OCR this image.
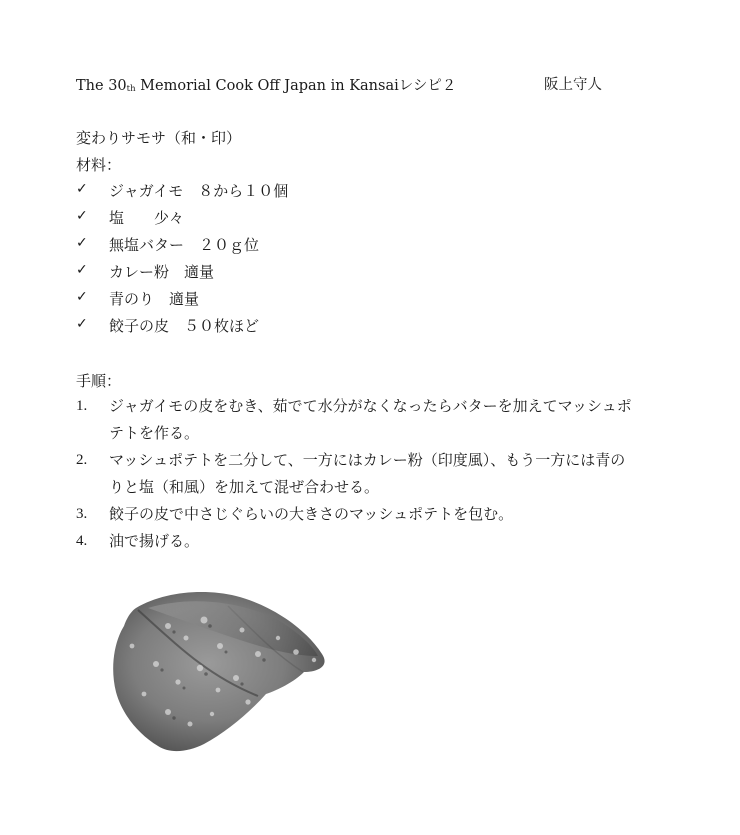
The $30_{th}$ Memorial Cook Off Japan in Kansaiレシピ２	阪上守人
変わりサモサ（和・印）
材料：
✓	ジャガイモ　８から１０個
✓	塩　　少々
✓	無塩バター　２０ｇ位
✓	カレー粉　適量
✓	青のり　適量
✓	餃子の皮　５０枚ほど
手順：
1.	ジャガイモの皮をむき、茹でて水分がなくなったらバターを加えてマッシュポテトを作る。
2.	マッシュポテトを二分して、一方にはカレー粉（印度風）、もう一方には青のりと塩（和風）を加えて混ぜ合わせる。
3.	餃子の皮で中さじぐらいの大きさのマッシュポテトを包む。
4.	油で揚げる。
